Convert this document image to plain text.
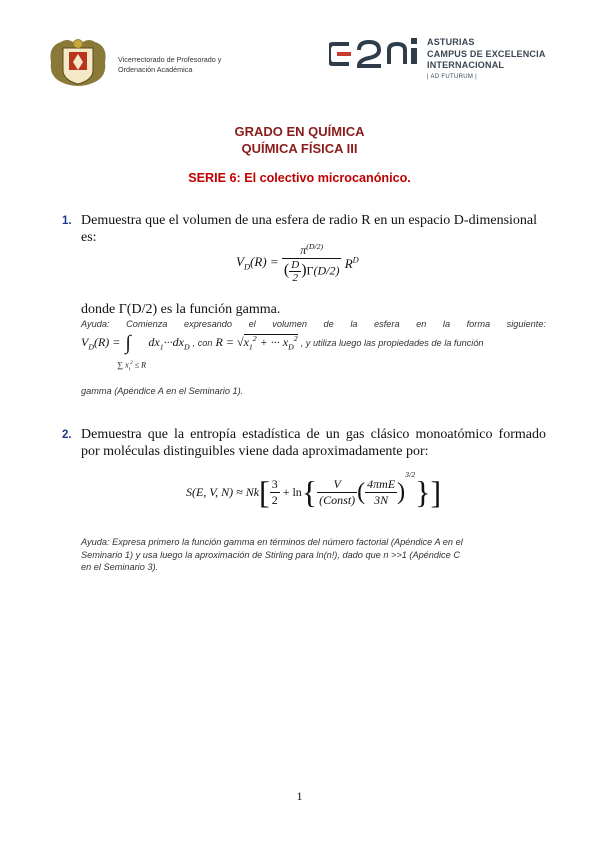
Vicerrectorado de Profesorado y
Ordenación Académica
ASTURIAS
CAMPUS DE EXCELENCIA
INTERNACIONAL
| AD FUTURUM |
GRADO EN QUÍMICA
QUÍMICA FÍSICA III
SERIE 6: El colectivo microcanónico.
1. Demuestra que el volumen de una esfera de radio R en un espacio D-dimensional
es:
$V_D(R) = \frac{\pi^{(D/2)}}{( \frac{D}{2} )\Gamma(D/2)} R^D$
donde Γ(D/2) es la función gamma.
Ayuda: Comienza expresando el volumen de la esfera en la forma siguiente:
$V_D(R)$ = ∫
∑ $x_i^2 \le R$
$dx_1\cdot\cdot\cdot dx_D$ , con $R = √x_1^2$ + ··· $x_D^2$ , y utiliza luego las propiedades de la función
gamma (Apéndice A en el Seminario 1).
2. Demuestra que la entropía estadística de un gas clásico monoatómico formado
por moléculas distinguibles viene dada aproximadamente por:
S(E, V, $N) \approx Nk[ \frac{3}{2} + \ln\{ \frac{V}{\text{(Const)}}$ ( $\frac{\text{4πmE}}{3N} )^{3/2}$}]
Ayuda: Expresa primero la función gamma en términos del número factorial (Apéndice A en el
Seminario 1) y usa luego la aproximación de Stirling para ln(n!), dado que n >>1 (Apéndice C
en el Seminario 3).
1
